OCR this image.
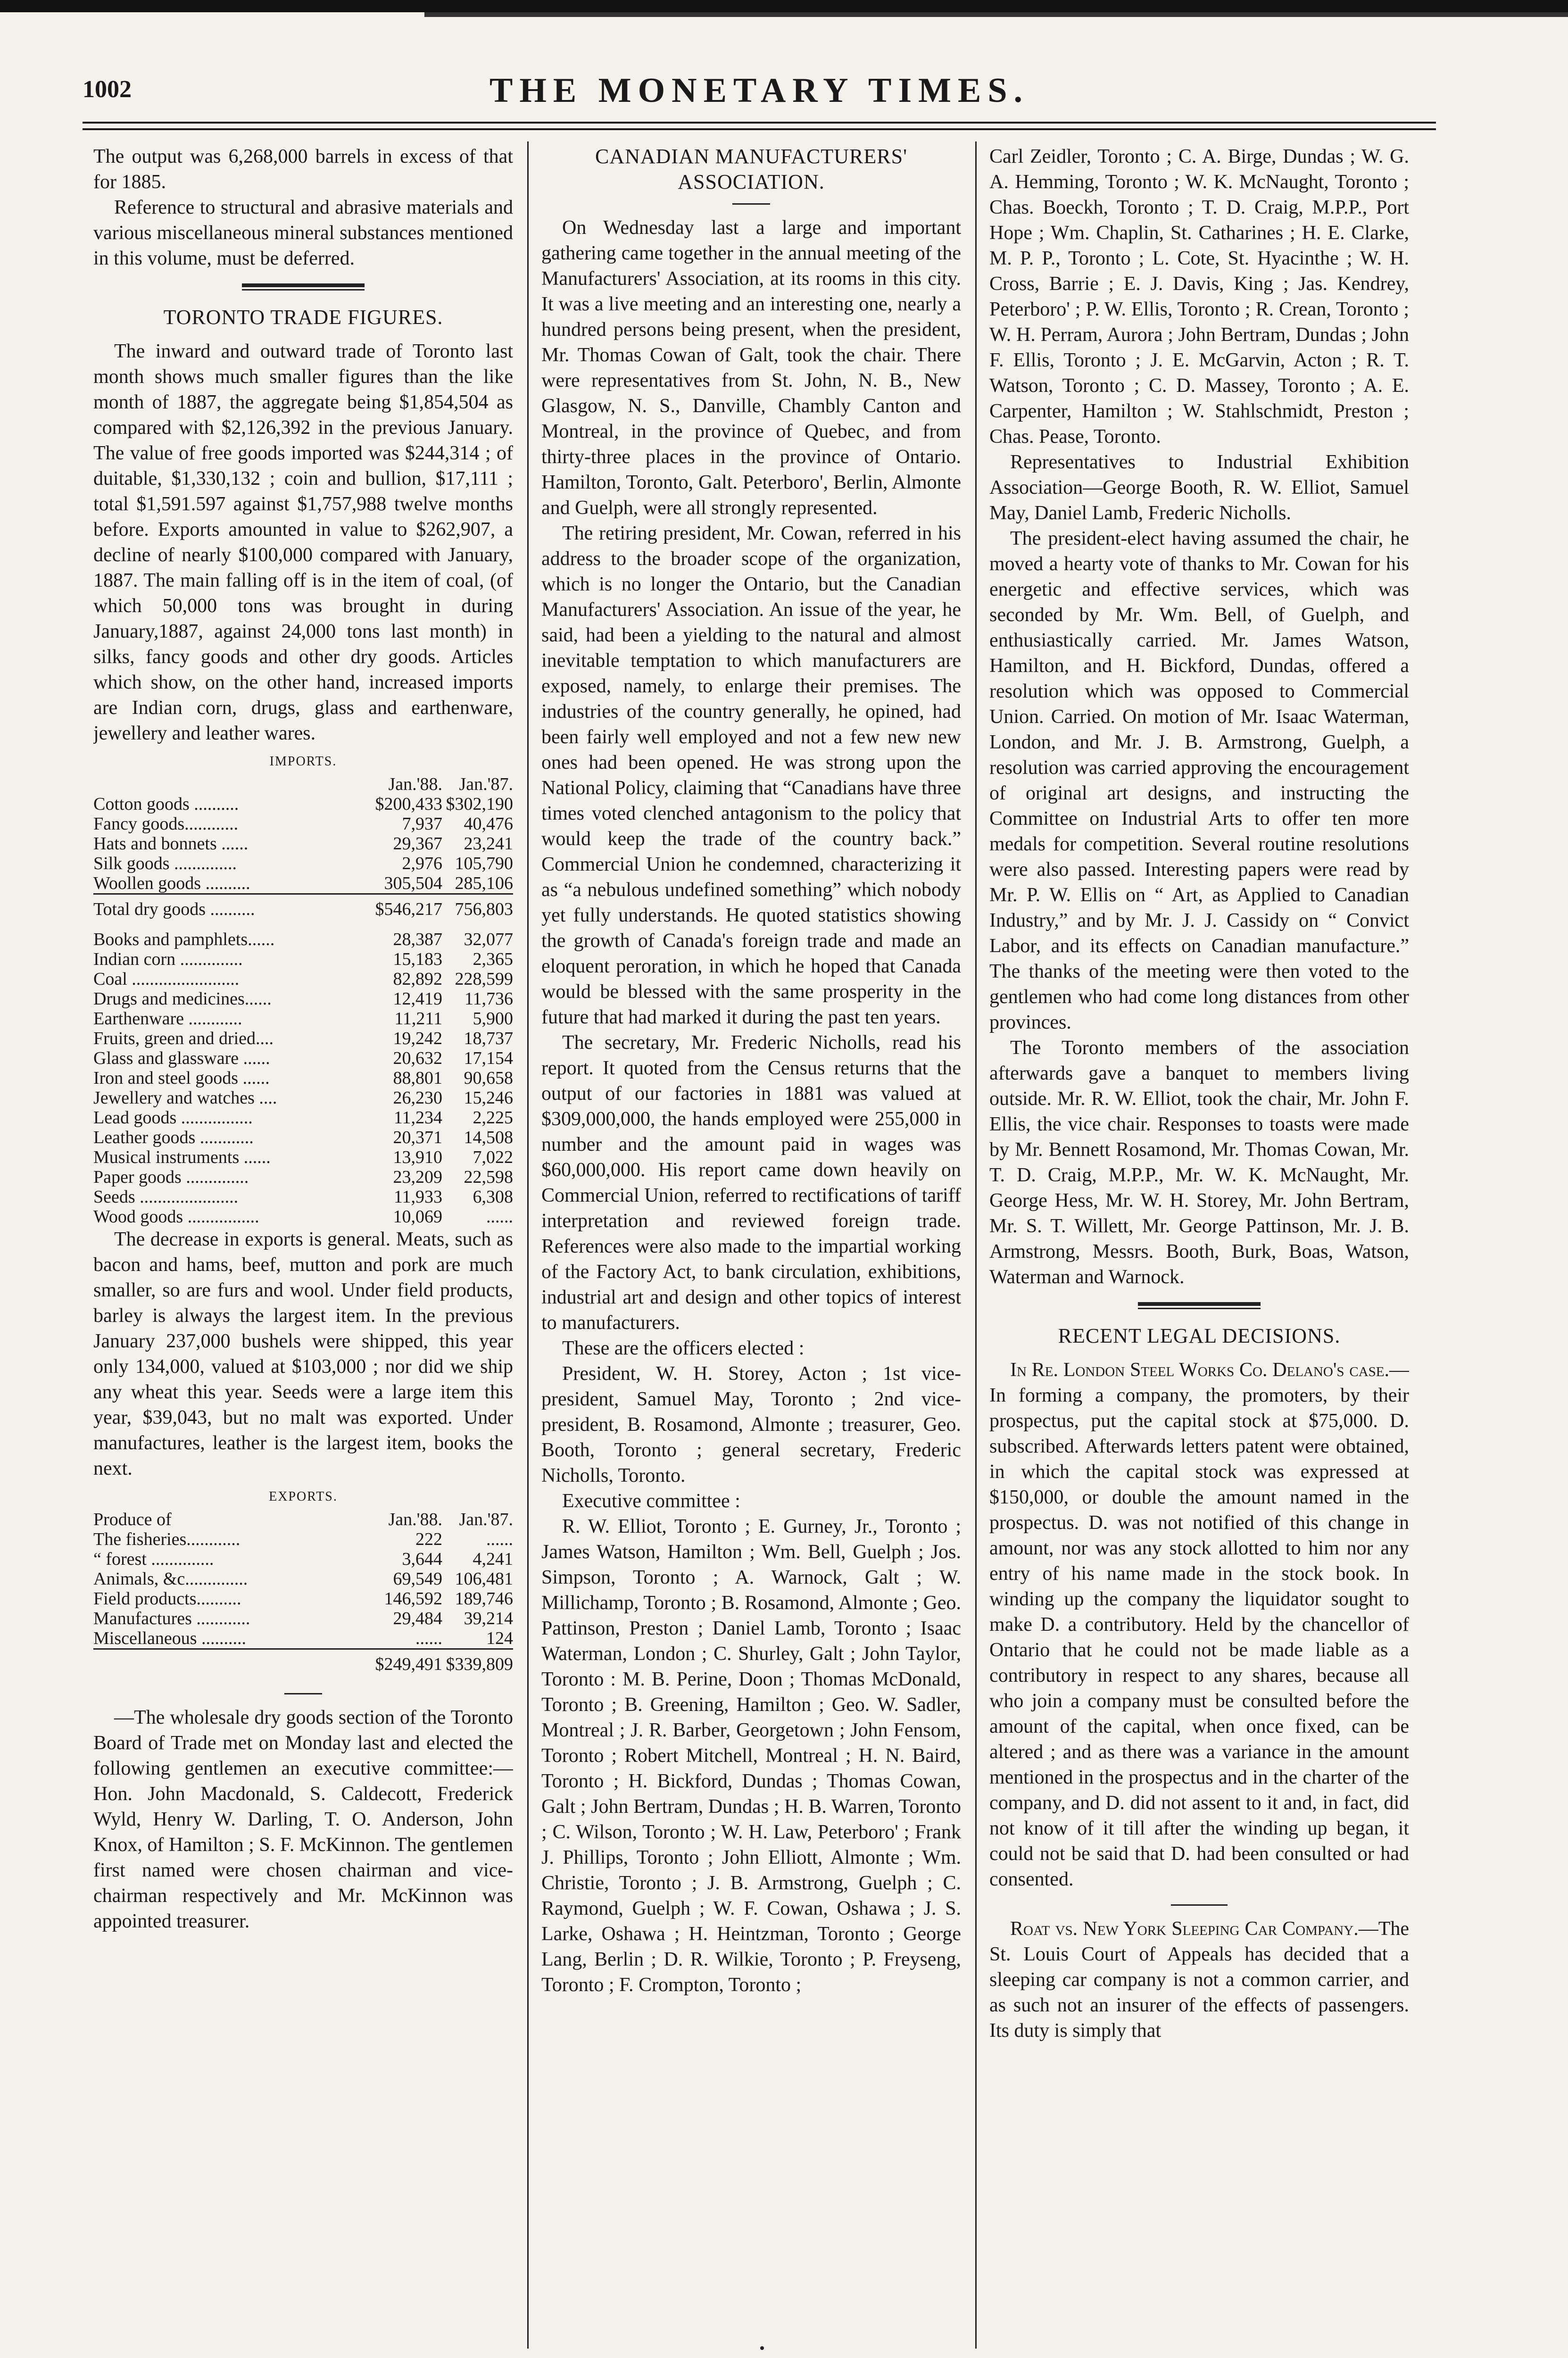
1002	THE MONETARY TIMES.

The output was 6,268,000 barrels in excess of that for 1885.

Reference to structural and abrasive materials and various miscellaneous mineral substances mentioned in this volume, must be deferred.

TORONTO TRADE FIGURES.

The inward and outward trade of Toronto last month shows much smaller figures than the like month of 1887, the aggregate being $1,854,504 as compared with $2,126,392 in the previous January. The value of free goods imported was $244,314 ; of duitable, $1,330,132 ; coin and bullion, $17,111 ; total $1,591.597 against $1,757,988 twelve months before. Exports amounted in value to $262,907, a decline of nearly $100,000 compared with January, 1887. The main falling off is in the item of coal, (of which 50,000 tons was brought in during January,1887, against 24,000 tons last month) in silks, fancy goods and other dry goods. Articles which show, on the other hand, increased imports are Indian corn, drugs, glass and earthenware, jewellery and leather wares.

IMPORTS.
	Jan.'88.	Jan.'87.
Cotton goods ..........	$200,433	$302,190
Fancy goods............	7,937	40,476
Hats and bonnets ......	29,367	23,241
Silk goods ..............	2,976	105,790
Woollen goods ..........	305,504	285,106
Total dry goods ..........	$546,217	756,803
Books and pamphlets......	28,387	32,077
Indian corn ..............	15,183	2,365
Coal ........................	82,892	228,599
Drugs and medicines......	12,419	11,736
Earthenware ............	11,211	5,900
Fruits, green and dried....	19,242	18,737
Glass and glassware ......	20,632	17,154
Iron and steel goods ......	88,801	90,658
Jewellery and watches ....	26,230	15,246
Lead goods ................	11,234	2,225
Leather goods ............	20,371	14,508
Musical instruments ......	13,910	7,022
Paper goods ..............	23,209	22,598
Seeds ......................	11,933	6,308
Wood goods ................	10,069	......

The decrease in exports is general. Meats, such as bacon and hams, beef, mutton and pork are much smaller, so are furs and wool. Under field products, barley is always the largest item. In the previous January 237,000 bushels were shipped, this year only 134,000, valued at $103,000 ; nor did we ship any wheat this year. Seeds were a large item this year, $39,043, but no malt was exported. Under manufactures, leather is the largest item, books the next.

EXPORTS.
Produce of	Jan.'88.	Jan.'87.
The fisheries............	222	......
“ forest ..............	3,644	4,241
Animals, &c..............	69,549	106,481
Field products..........	146,592	189,746
Manufactures ............	29,484	39,214
Miscellaneous ..........	......	124
	$249,491	$339,809

—The wholesale dry goods section of the Toronto Board of Trade met on Monday last and elected the following gentlemen an executive committee:—Hon. John Macdonald, S. Caldecott, Frederick Wyld, Henry W. Darling, T. O. Anderson, John Knox, of Hamilton ; S. F. McKinnon. The gentlemen first named were chosen chairman and vice-chairman respectively and Mr. McKinnon was appointed treasurer.

CANADIAN MANUFACTURERS' ASSOCIATION.

On Wednesday last a large and important gathering came together in the annual meeting of the Manufacturers' Association, at its rooms in this city. It was a live meeting and an interesting one, nearly a hundred persons being present, when the president, Mr. Thomas Cowan of Galt, took the chair. There were representatives from St. John, N. B., New Glasgow, N. S., Danville, Chambly Canton and Montreal, in the province of Quebec, and from thirty-three places in the province of Ontario. Hamilton, Toronto, Galt. Peterboro', Berlin, Almonte and Guelph, were all strongly represented.

The retiring president, Mr. Cowan, referred in his address to the broader scope of the organization, which is no longer the Ontario, but the Canadian Manufacturers' Association. An issue of the year, he said, had been a yielding to the natural and almost inevitable temptation to which manufacturers are exposed, namely, to enlarge their premises. The industries of the country generally, he opined, had been fairly well employed and not a few new new ones had been opened. He was strong upon the National Policy, claiming that “Canadians have three times voted clenched antagonism to the policy that would keep the trade of the country back.” Commercial Union he condemned, characterizing it as “a nebulous undefined something” which nobody yet fully understands. He quoted statistics showing the growth of Canada's foreign trade and made an eloquent peroration, in which he hoped that Canada would be blessed with the same prosperity in the future that had marked it during the past ten years.

The secretary, Mr. Frederic Nicholls, read his report. It quoted from the Census returns that the output of our factories in 1881 was valued at $309,000,000, the hands employed were 255,000 in number and the amount paid in wages was $60,000,000. His report came down heavily on Commercial Union, referred to rectifications of tariff interpretation and reviewed foreign trade. References were also made to the impartial working of the Factory Act, to bank circulation, exhibitions, industrial art and design and other topics of interest to manufacturers.

These are the officers elected :

President, W. H. Storey, Acton ; 1st vice-president, Samuel May, Toronto ; 2nd vice-president, B. Rosamond, Almonte ; treasurer, Geo. Booth, Toronto ; general secretary, Frederic Nicholls, Toronto.

Executive committee :

R. W. Elliot, Toronto ; E. Gurney, Jr., Toronto ; James Watson, Hamilton ; Wm. Bell, Guelph ; Jos. Simpson, Toronto ; A. Warnock, Galt ; W. Millichamp, Toronto ; B. Rosamond, Almonte ; Geo. Pattinson, Preston ; Daniel Lamb, Toronto ; Isaac Waterman, London ; C. Shurley, Galt ; John Taylor, Toronto : M. B. Perine, Doon ; Thomas McDonald, Toronto ; B. Greening, Hamilton ; Geo. W. Sadler, Montreal ; J. R. Barber, Georgetown ; John Fensom, Toronto ; Robert Mitchell, Montreal ; H. N. Baird, Toronto ; H. Bickford, Dundas ; Thomas Cowan, Galt ; John Bertram, Dundas ; H. B. Warren, Toronto ; C. Wilson, Toronto ; W. H. Law, Peterboro' ; Frank J. Phillips, Toronto ; John Elliott, Almonte ; Wm. Christie, Toronto ; J. B. Armstrong, Guelph ; C. Raymond, Guelph ; W. F. Cowan, Oshawa ; J. S. Larke, Oshawa ; H. Heintzman, Toronto ; George Lang, Berlin ; D. R. Wilkie, Toronto ; P. Freyseng, Toronto ; F. Crompton, Toronto ;

Carl Zeidler, Toronto ; C. A. Birge, Dundas ; W. G. A. Hemming, Toronto ; W. K. McNaught, Toronto ; Chas. Boeckh, Toronto ; T. D. Craig, M.P.P., Port Hope ; Wm. Chaplin, St. Catharines ; H. E. Clarke, M. P. P., Toronto ; L. Cote, St. Hyacinthe ; W. H. Cross, Barrie ; E. J. Davis, King ; Jas. Kendrey, Peterboro' ; P. W. Ellis, Toronto ; R. Crean, Toronto ; W. H. Perram, Aurora ; John Bertram, Dundas ; John F. Ellis, Toronto ; J. E. McGarvin, Acton ; R. T. Watson, Toronto ; C. D. Massey, Toronto ; A. E. Carpenter, Hamilton ; W. Stahlschmidt, Preston ; Chas. Pease, Toronto.

Representatives to Industrial Exhibition Association—George Booth, R. W. Elliot, Samuel May, Daniel Lamb, Frederic Nicholls.

The president-elect having assumed the chair, he moved a hearty vote of thanks to Mr. Cowan for his energetic and effective services, which was seconded by Mr. Wm. Bell, of Guelph, and enthusiastically carried. Mr. James Watson, Hamilton, and H. Bickford, Dundas, offered a resolution which was opposed to Commercial Union. Carried. On motion of Mr. Isaac Waterman, London, and Mr. J. B. Armstrong, Guelph, a resolution was carried approving the encouragement of original art designs, and instructing the Committee on Industrial Arts to offer ten more medals for competition. Several routine resolutions were also passed. Interesting papers were read by Mr. P. W. Ellis on “ Art, as Applied to Canadian Industry,” and by Mr. J. J. Cassidy on “ Convict Labor, and its effects on Canadian manufacture.” The thanks of the meeting were then voted to the gentlemen who had come long distances from other provinces.

The Toronto members of the association afterwards gave a banquet to members living outside. Mr. R. W. Elliot, took the chair, Mr. John F. Ellis, the vice chair. Responses to toasts were made by Mr. Bennett Rosamond, Mr. Thomas Cowan, Mr. T. D. Craig, M.P.P., Mr. W. K. McNaught, Mr. George Hess, Mr. W. H. Storey, Mr. John Bertram, Mr. S. T. Willett, Mr. George Pattinson, Mr. J. B. Armstrong, Messrs. Booth, Burk, Boas, Watson, Waterman and Warnock.

RECENT LEGAL DECISIONS.

In Re. London Steel Works Co. Delano's case.—In forming a company, the promoters, by their prospectus, put the capital stock at $75,000. D. subscribed. Afterwards letters patent were obtained, in which the capital stock was expressed at $150,000, or double the amount named in the prospectus. D. was not notified of this change in amount, nor was any stock allotted to him nor any entry of his name made in the stock book. In winding up the company the liquidator sought to make D. a contributory. Held by the chancellor of Ontario that he could not be made liable as a contributory in respect to any shares, because all who join a company must be consulted before the amount of the capital, when once fixed, can be altered ; and as there was a variance in the amount mentioned in the prospectus and in the charter of the company, and D. did not assent to it and, in fact, did not know of it till after the winding up began, it could not be said that D. had been consulted or had consented.

Roat vs. New York Sleeping Car Company.—The St. Louis Court of Appeals has decided that a sleeping car company is not a common carrier, and as such not an insurer of the effects of passengers. Its duty is simply that
